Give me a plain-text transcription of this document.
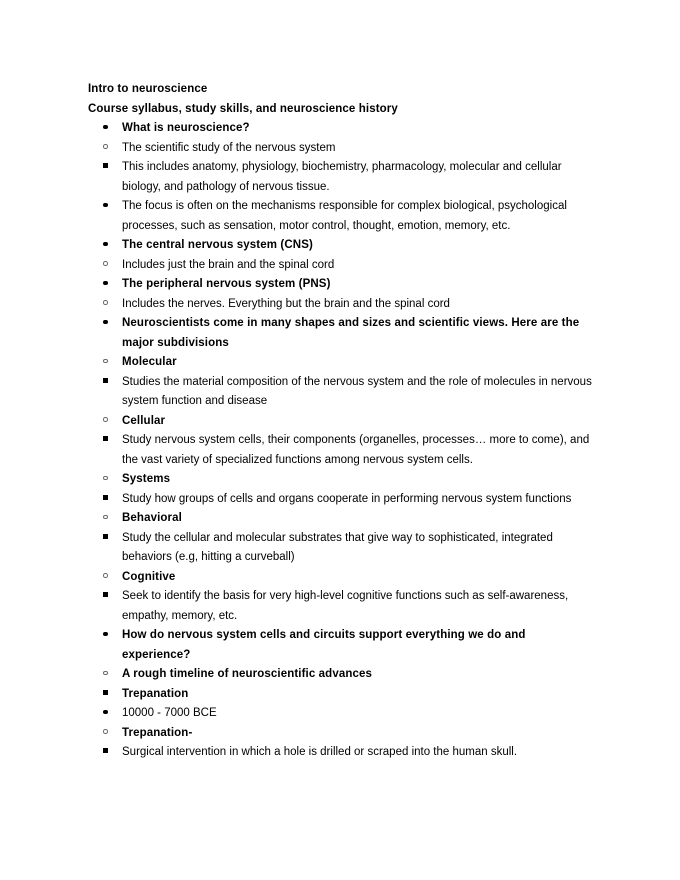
Intro to neuroscience
Course syllabus, study skills, and neuroscience history
What is neuroscience?
The scientific study of the nervous system
This includes anatomy, physiology, biochemistry, pharmacology, molecular and cellular biology, and pathology of nervous tissue.
The focus is often on the mechanisms responsible for complex biological, psychological processes, such as sensation, motor control, thought, emotion, memory, etc.
The central nervous system (CNS)
Includes just the brain and the spinal cord
The peripheral nervous system (PNS)
Includes the nerves. Everything but the brain and the spinal cord
Neuroscientists come in many shapes and sizes and scientific views. Here are the major subdivisions
Molecular
Studies the material composition of the nervous system and the role of molecules in nervous system function and disease
Cellular
Study nervous system cells, their components (organelles, processes… more to come), and the vast variety of specialized functions among nervous system cells.
Systems
Study how groups of cells and organs cooperate in performing nervous system functions
Behavioral
Study the cellular and molecular substrates that give way to sophisticated, integrated behaviors (e.g, hitting a curveball)
Cognitive
Seek to identify the basis for very high-level cognitive functions such as self-awareness, empathy, memory, etc.
How do nervous system cells and circuits support everything we do and experience?
A rough timeline of neuroscientific advances
Trepanation
10000 - 7000 BCE
Trepanation-
Surgical intervention in which a hole is drilled or scraped into the human skull.
